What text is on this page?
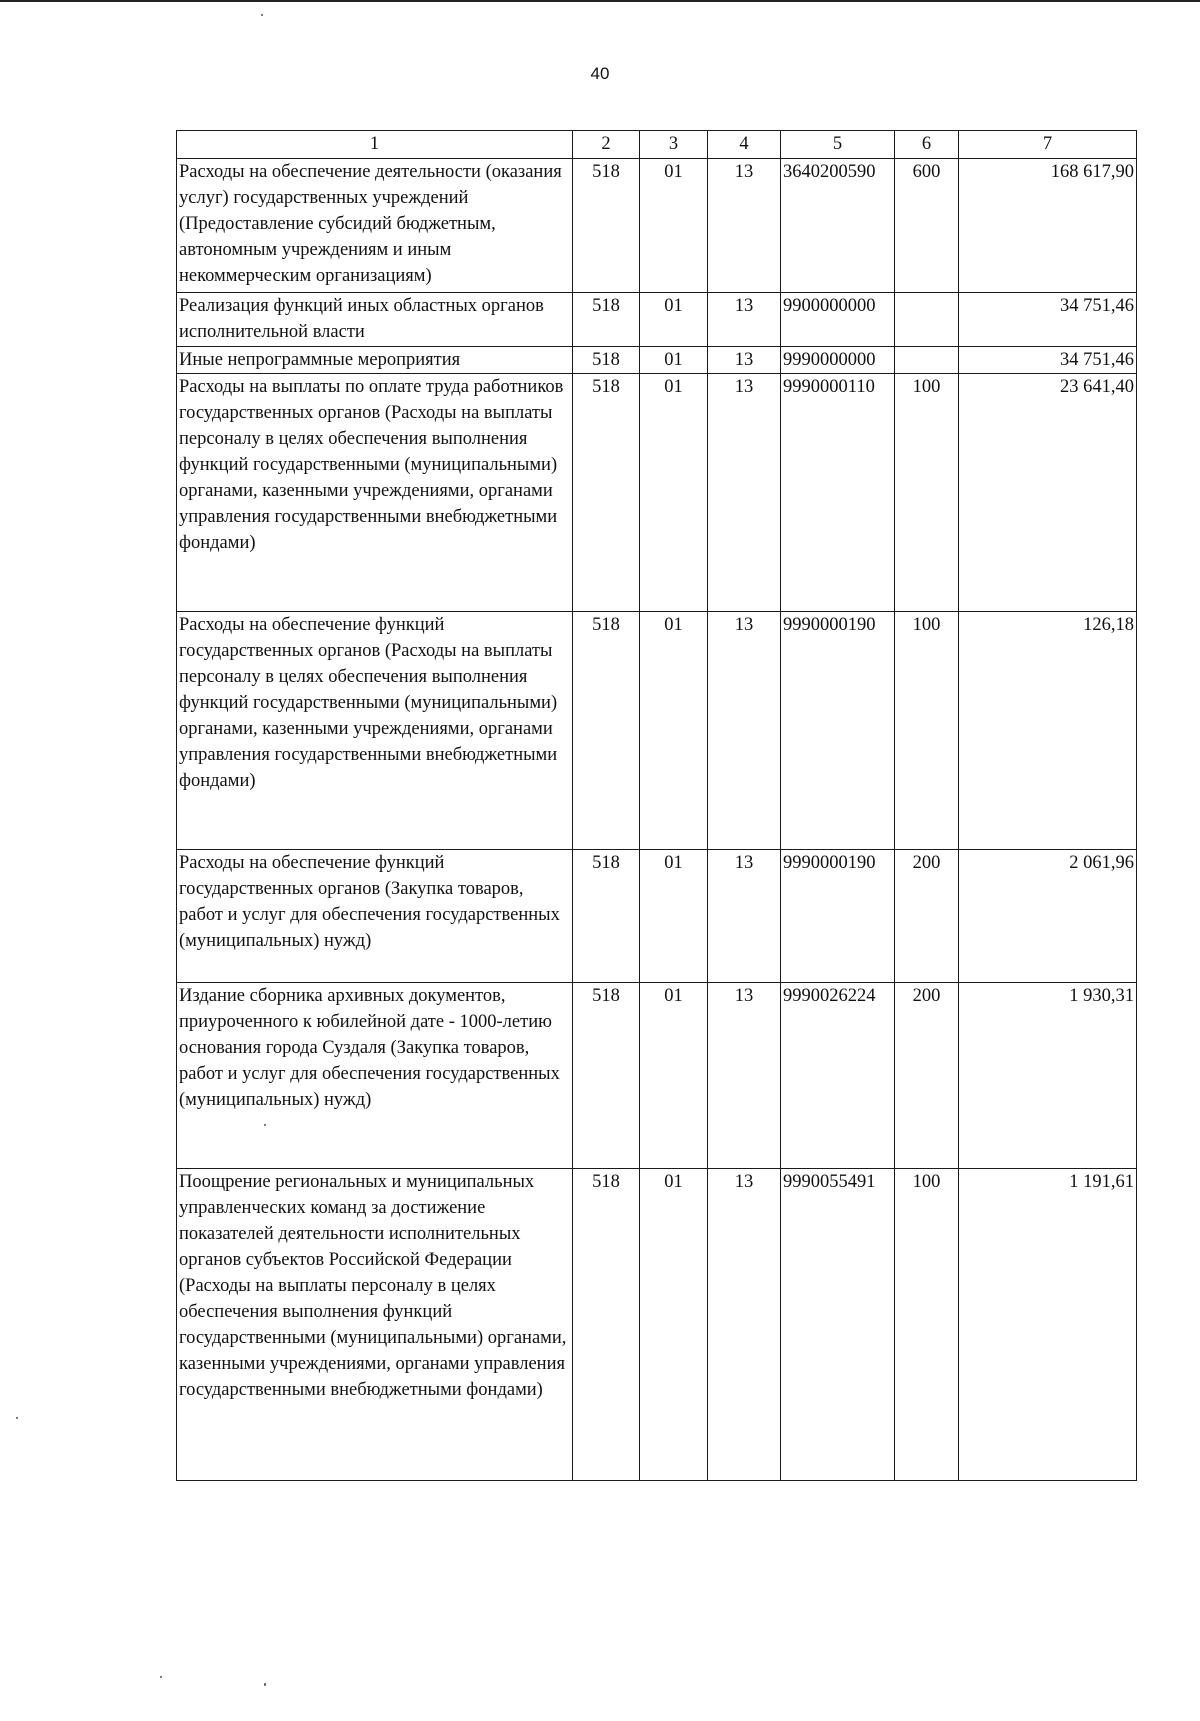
40
1	2	3	4	5	6	7
Расходы на обеспечение деятельности (оказания услуг) государственных учреждений (Предоставление субсидий бюджетным, автономным учреждениям и иным некоммерческим организациям)	518	01	13	3640200590	600	168 617,90
Реализация функций иных областных органов исполнительной власти	518	01	13	9900000000		34 751,46
Иные непрограммные мероприятия	518	01	13	9990000000		34 751,46
Расходы на выплаты по оплате труда работников государственных органов (Расходы на выплаты персоналу в целях обеспечения выполнения функций государственными (муниципальными) органами, казенными учреждениями, органами управления государственными внебюджетными фондами)	518	01	13	9990000110	100	23 641,40
Расходы на обеспечение функций государственных органов (Расходы на выплаты персоналу в целях обеспечения выполнения функций государственными (муниципальными) органами, казенными учреждениями, органами управления государственными внебюджетными фондами)	518	01	13	9990000190	100	126,18
Расходы на обеспечение функций государственных органов (Закупка товаров, работ и услуг для обеспечения государственных (муниципальных) нужд)	518	01	13	9990000190	200	2 061,96
Издание сборника архивных документов, приуроченного к юбилейной дате - 1000-летию основания города Суздаля (Закупка товаров, работ и услуг для обеспечения государственных (муниципальных) нужд)	518	01	13	9990026224	200	1 930,31
Поощрение региональных и муниципальных управленческих команд за достижение показателей деятельности исполнительных органов субъектов Российской Федерации (Расходы на выплаты персоналу в целях обеспечения выполнения функций государственными (муниципальными) органами, казенными учреждениями, органами управления государственными внебюджетными фондами)	518	01	13	9990055491	100	1 191,61
